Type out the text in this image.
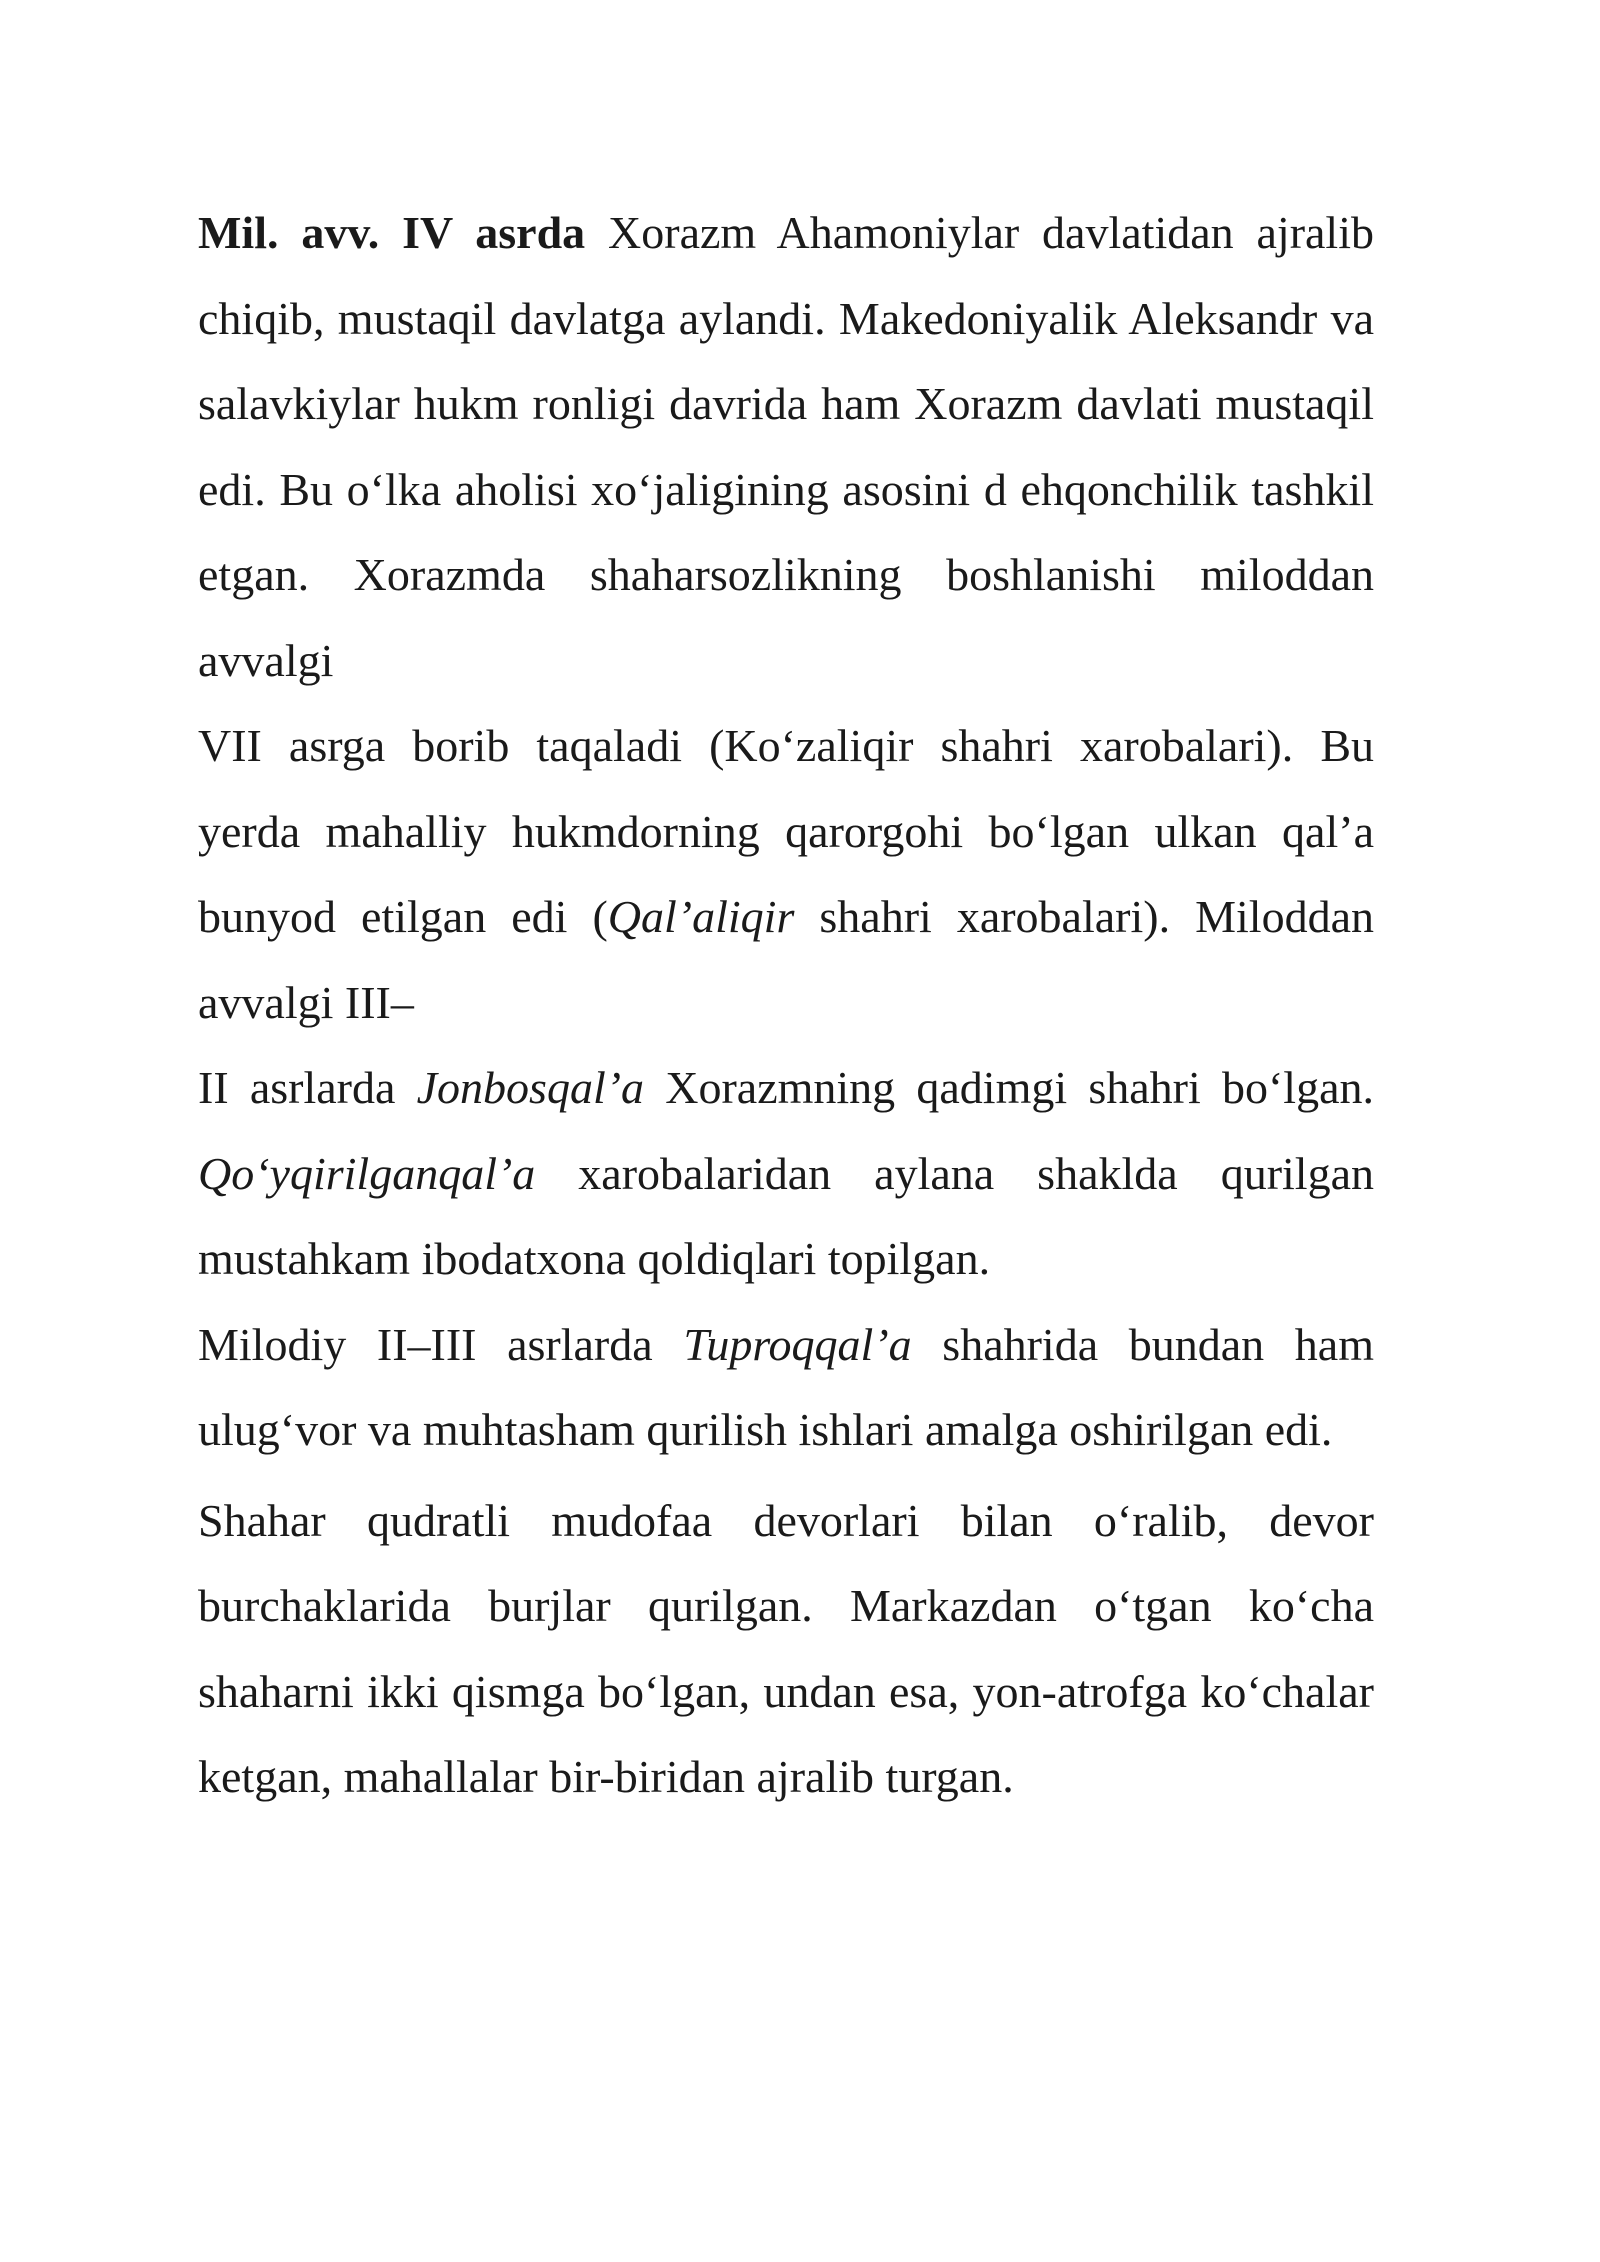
Mil. avv. IV asrda Xorazm Ahamoniylar davlatidan ajralib chiqib, mustaqil davlatga aylandi. Makedoniyalik Aleksandr va salavkiylar hukm ronligi davrida ham Xorazm davlati mustaqil edi. Bu o‘lka aholisi xo‘jaligining asosini d ehqonchilik tashkil etgan. Xorazmda shaharsozlikning boshlanishi miloddan avvalgi

VII asrga borib taqaladi (Ko‘zaliqir shahri xarobalari). Bu yerda mahalliy hukmdorning qarorgohi bo‘lgan ulkan qal’a bunyod etilgan edi (Qal’aliqir shahri xarobalari). Miloddan avvalgi III–

II asrlarda Jonbosqal’a Xorazmning qadimgi shahri bo‘lgan. Qo‘yqirilganqal’a xarobalaridan aylana shaklda qurilgan mustahkam ibodatxona qoldiqlari topilgan.

Milodiy II–III asrlarda Tuproqqal’a shahrida bundan ham ulug‘vor va muhtasham qurilish ishlari amalga oshirilgan edi.

Shahar qudratli mudofaa devorlari bilan o‘ralib, devor burchaklarida burjlar qurilgan. Markazdan o‘tgan ko‘cha shaharni ikki qismga bo‘lgan, undan esa, yon-atrofga ko‘chalar ketgan, mahallalar bir-biridan ajralib turgan.
